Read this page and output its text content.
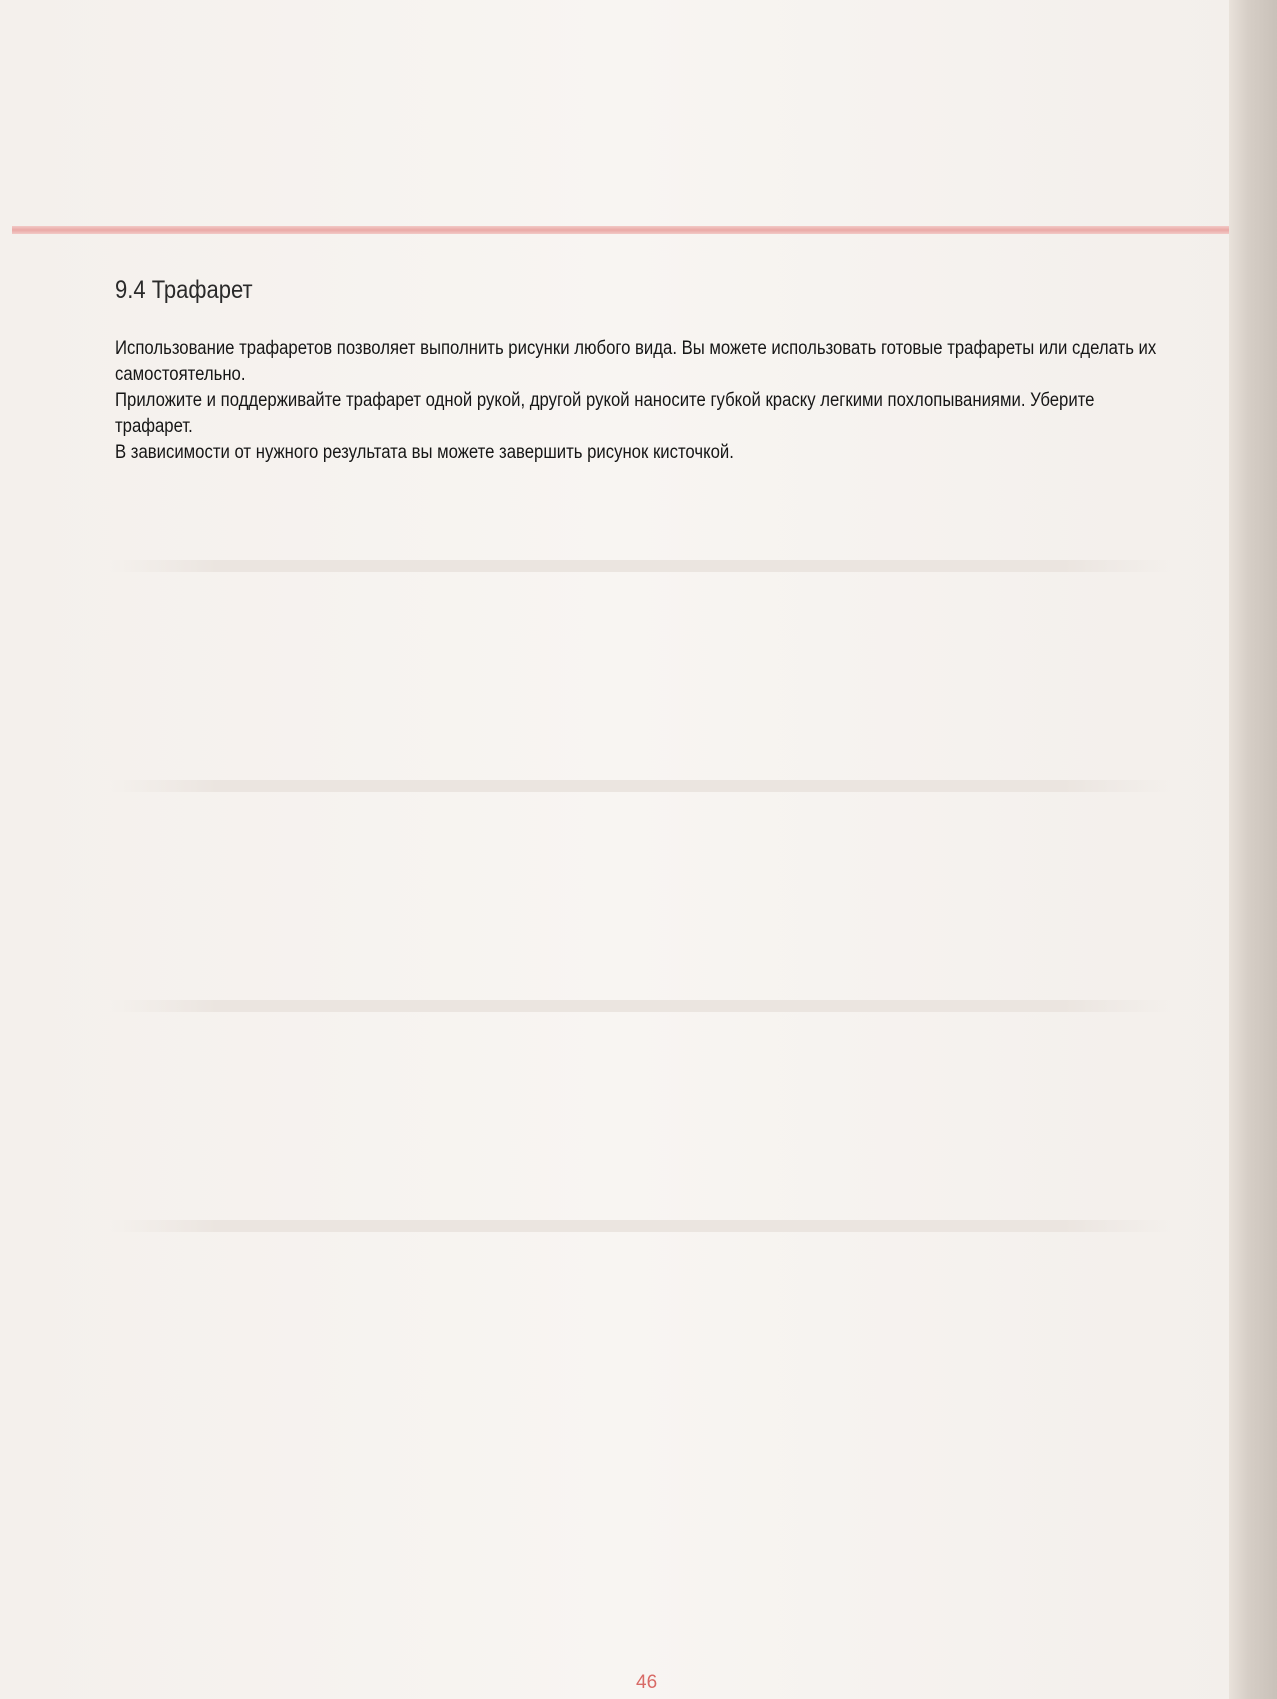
9.4 Трафарет

Использование трафаретов позволяет выполнить рисунки любого вида. Вы можете использовать готовые трафареты или сделать их самостоятельно.

Приложите и поддерживайте трафарет одной рукой, другой рукой наносите губкой краску легкими похлопываниями. Уберите трафарет.

В зависимости от нужного результата вы можете завершить рисунок кисточкой.

46
